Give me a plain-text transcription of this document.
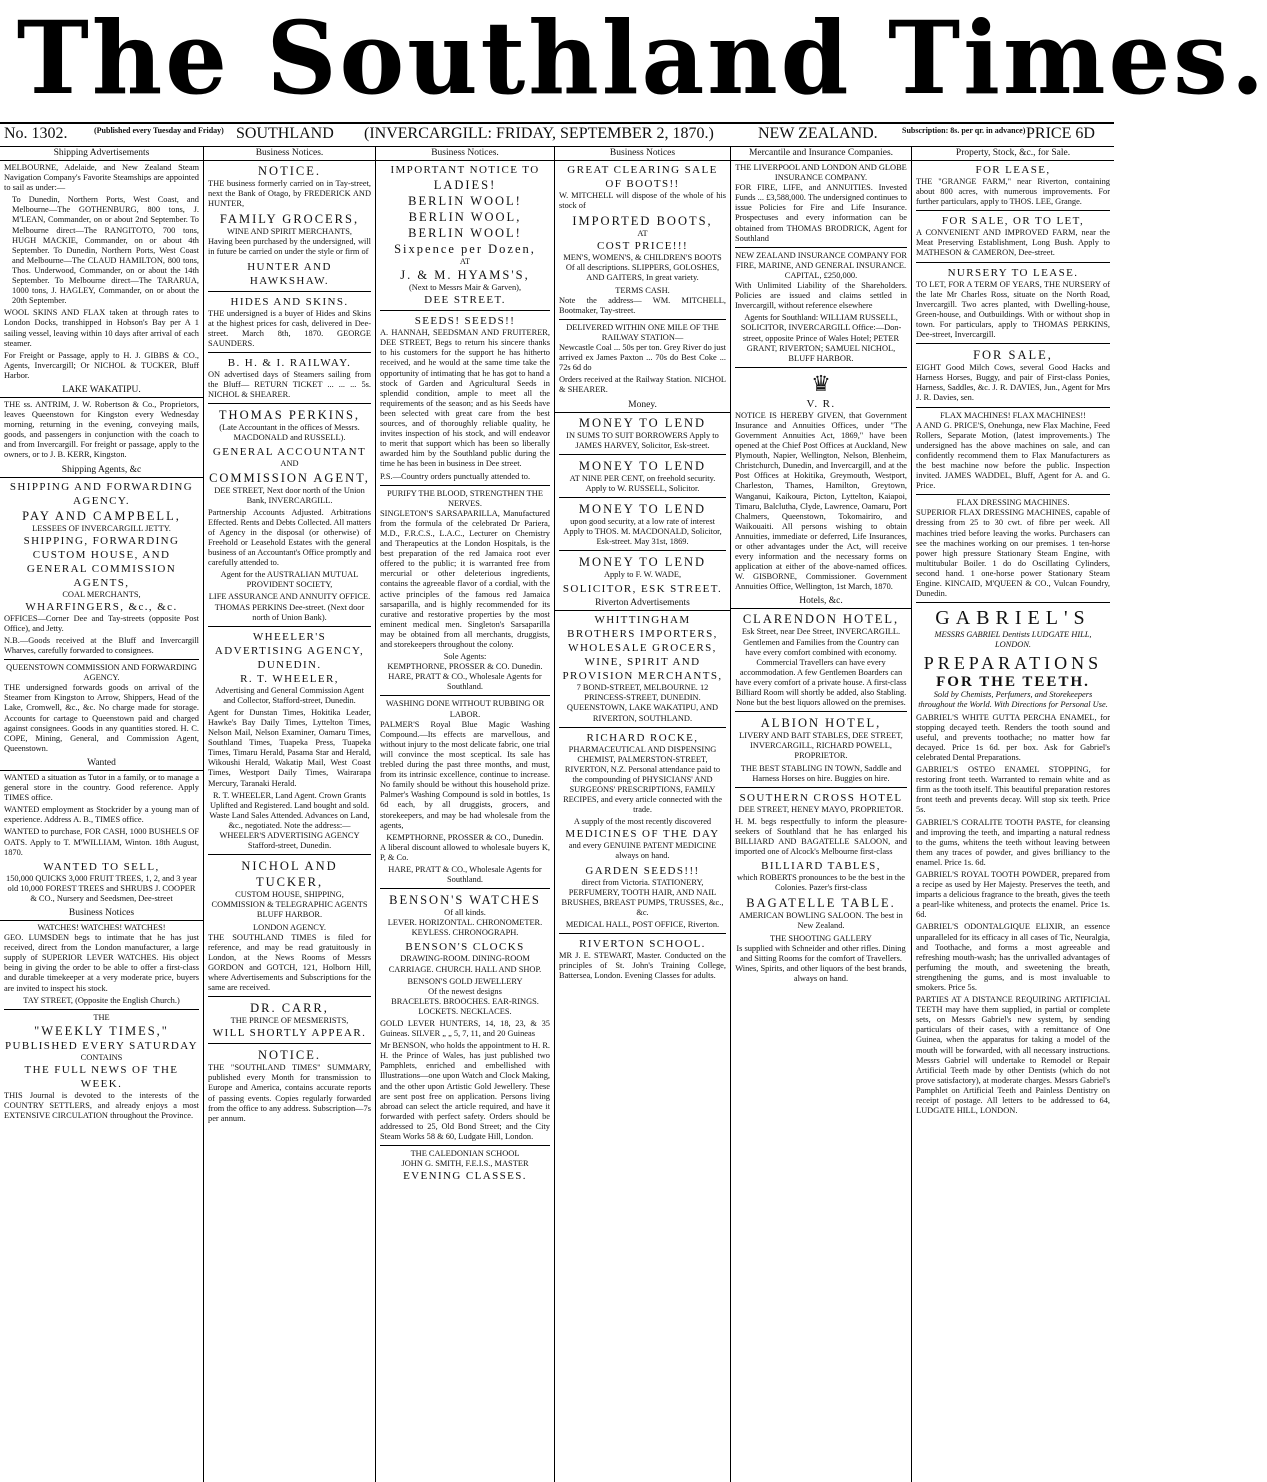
The Southland Times.
No. 1302.	(Published every Tuesday and Friday) SOUTHLAND (INVERCARGILL: FRIDAY, SEPTEMBER 2, 1870.)	NEW ZEALAND.	Subscription: 8s. per qr. in advance) PRICE 6D
Shipping Advertisements

MELBOURNE, Adelaide, and New Zealand Steam Navigation Company's Favorite Steamships are appointed to sail as under:—

To Dunedin, Northern Ports, West Coast, and Melbourne—The GOTHENBURG, 800 tons, J. M'LEAN, Commander, on or about 2nd September. To Melbourne direct—The RANGITOTO, 700 tons, HUGH MACKIE, Commander, on or about 4th September. To Dunedin, Northern Ports, West Coast and Melbourne—The CLAUD HAMILTON, 800 tons, Thos. Underwood, Commander, on or about the 14th September. To Melbourne direct—The TARARUA, 1000 tons, J. HAGLEY, Commander, on or about the 20th September.

WOOL SKINS AND FLAX taken at through rates to London Docks, transhipped in Hobson's Bay per A 1 sailing vessel, leaving within 10 days after arrival of each steamer.

For Freight or Passage, apply to H. J. GIBBS & CO., Agents, Invercargill; Or NICHOL & TUCKER, Bluff Harbor.

LAKE WAKATIPU.

THE ss. ANTRIM, J. W. Robertson & Co., Proprietors, leaves Queenstown for Kingston every Wednesday morning, returning in the evening, conveying mails, goods, and passengers in conjunction with the coach to and from Invercargill. For freight or passage, apply to the owners, or to J. B. KERR, Kingston.

Shipping Agents, &c
SHIPPING AND FORWARDING AGENCY.
PAY AND CAMPBELL,
LESSEES OF INVERCARGILL JETTY.
SHIPPING, FORWARDING
CUSTOM HOUSE, AND
GENERAL COMMISSION AGENTS,
COAL MERCHANTS,
WHARFINGERS, &c., &c.

OFFICES—Corner Dee and Tay-streets (opposite Post Office), and Jetty.

N.B.—Goods received at the Bluff and Invercargill Wharves, carefully forwarded to consignees.

QUEENSTOWN COMMISSION AND FORWARDING AGENCY.

THE undersigned forwards goods on arrival of the Steamer from Kingston to Arrow, Shippers, Head of the Lake, Cromwell, &c., &c. No charge made for storage. Accounts for cartage to Queenstown paid and charged against consignees. Goods in any quantities stored. H. C. COPE, Mining, General, and Commission Agent, Queenstown.

Wanted

WANTED a situation as Tutor in a family, or to manage a general store in the country. Good reference. Apply TIMES office.

WANTED employment as Stockrider by a young man of experience. Address A. B., TIMES office.

WANTED to purchase, FOR CASH, 1000 BUSHELS OF OATS. Apply to T. M'WILLIAM, Winton. 18th August, 1870.

WANTED TO SELL,

150,000 QUICKS 3,000 FRUIT TREES, 1, 2, and 3 year old 10,000 FOREST TREES and SHRUBS J. COOPER & CO., Nursery and Seedsmen, Dee-street

Business Notices
WATCHES! WATCHES! WATCHES!

GEO. LUMSDEN begs to intimate that he has just received, direct from the London manufacturer, a large supply of SUPERIOR LEVER WATCHES. His object being in giving the order to be able to offer a first-class and durable timekeeper at a very moderate price, buyers are invited to inspect his stock.

TAY STREET, (Opposite the English Church.)
THE
"WEEKLY TIMES,"
PUBLISHED EVERY SATURDAY
CONTAINS
THE FULL NEWS OF THE WEEK.

THIS Journal is devoted to the interests of the COUNTRY SETTLERS, and already enjoys a most EXTENSIVE CIRCULATION throughout the Province.

Business Notices.
NOTICE.

THE business formerly carried on in Tay-street, next the Bank of Otago, by FREDERICK AND HUNTER,

FAMILY GROCERS,
WINE AND SPIRIT MERCHANTS,

Having been purchased by the undersigned, will in future be carried on under the style or firm of

HUNTER AND HAWKSHAW.
HIDES AND SKINS.

THE undersigned is a buyer of Hides and Skins at the highest prices for cash, delivered in Dee-street. March 8th, 1870. GEORGE SAUNDERS.

B. H. & I. RAILWAY.

ON advertised days of Steamers sailing from the Bluff— RETURN TICKET ... ... ... 5s. NICHOL & SHEARER.

THOMAS PERKINS,

(Late Accountant in the offices of Messrs. MACDONALD and RUSSELL).

GENERAL ACCOUNTANT
AND
COMMISSION AGENT,

DEE STREET, Next door north of the Union Bank, INVERCARGILL.

Partnership Accounts Adjusted. Arbitrations Effected. Rents and Debts Collected. All matters of Agency in the disposal (or otherwise) of Freehold or Leasehold Estates with the general business of an Accountant's Office promptly and carefully attended to.

Agent for the AUSTRALIAN MUTUAL PROVIDENT SOCIETY,

LIFE ASSURANCE AND ANNUITY OFFICE.

THOMAS PERKINS Dee-street. (Next door north of Union Bank).

WHEELER'S ADVERTISING AGENCY, DUNEDIN.
R. T. WHEELER,

Advertising and General Commission Agent and Collector, Stafford-street, Dunedin.

Agent for Dunstan Times, Hokitika Leader, Hawke's Bay Daily Times, Lyttelton Times, Nelson Mail, Nelson Examiner, Oamaru Times, Southland Times, Tuapeka Press, Tuapeka Times, Timaru Herald, Pasama Star and Herald, Wikoushi Herald, Wakatip Mail, West Coast Times, Westport Daily Times, Wairarapa Mercury, Taranaki Herald.

R. T. WHEELER, Land Agent. Crown Grants Uplifted and Registered. Land bought and sold. Waste Land Sales Attended. Advances on Land, &c., negotiated. Note the address:— WHEELER'S ADVERTISING AGENCY Stafford-street, Dunedin.

NICHOL AND TUCKER,

CUSTOM HOUSE, SHIPPING, COMMISSION & TELEGRAPHIC AGENTS BLUFF HARBOR.

LONDON AGENCY.

THE SOUTHLAND TIMES is filed for reference, and may be read gratuitously in London, at the News Rooms of Messrs GORDON and GOTCH, 121, Holborn Hill, where Advertisements and Subscriptions for the same are received.

DR. CARR,
THE PRINCE OF MESMERISTS,
WILL SHORTLY APPEAR.
NOTICE.

THE "SOUTHLAND TIMES" SUMMARY, published every Month for transmission to Europe and America, contains accurate reports of passing events. Copies regularly forwarded from the office to any address. Subscription—7s per annum.

Business Notices.
IMPORTANT NOTICE TO
LADIES!
BERLIN WOOL! BERLIN WOOL, BERLIN WOOL!
Sixpence per Dozen,
AT
J. & M. HYAMS'S,
(Next to Messrs Mair & Garven),
DEE STREET.
SEEDS! SEEDS!!

A. HANNAH, SEEDSMAN AND FRUITERER, DEE STREET, Begs to return his sincere thanks to his customers for the support he has hitherto received, and he would at the same time take the opportunity of intimating that he has got to hand a stock of Garden and Agricultural Seeds in splendid condition, ample to meet all the requirements of the season; and as his Seeds have been selected with great care from the best sources, and of thoroughly reliable quality, he invites inspection of his stock, and will endeavor to merit that support which has been so liberally awarded him by the Southland public during the time he has been in business in Dee street.

P.S.—Country orders punctually attended to.

PURIFY THE BLOOD, STRENGTHEN THE NERVES.

SINGLETON'S SARSAPARILLA, Manufactured from the formula of the celebrated Dr Pariera, M.D., F.R.C.S., L.A.C., Lecturer on Chemistry and Therapeutics at the London Hospitals, is the best preparation of the red Jamaica root ever offered to the public; it is warranted free from mercurial or other deleterious ingredients, contains the agreeable flavor of a cordial, with the active principles of the famous red Jamaica sarsaparilla, and is highly recommended for its curative and restorative properties by the most eminent medical men. Singleton's Sarsaparilla may be obtained from all merchants, druggists, and storekeepers throughout the colony.

Sole Agents:
KEMPTHORNE, PROSSER & CO. Dunedin.
HARE, PRATT & CO., Wholesale Agents for Southland.
WASHING DONE WITHOUT RUBBING OR LABOR.

PALMER'S Royal Blue Magic Washing Compound.—Its effects are marvellous, and without injury to the most delicate fabric, one trial will convince the most sceptical. Its sale has trebled during the past three months, and must, from its intrinsic excellence, continue to increase. No family should be without this household prize. Palmer's Washing Compound is sold in bottles, 1s 6d each, by all druggists, grocers, and storekeepers, and may be had wholesale from the agents,

KEMPTHORNE, PROSSER & CO., Dunedin.

A liberal discount allowed to wholesale buyers K, P, & Co.

HARE, PRATT & CO., Wholesale Agents for Southland.
BENSON'S WATCHES
Of all kinds.

LEVER. HORIZONTAL. CHRONOMETER. KEYLESS. CHRONOGRAPH.

BENSON'S CLOCKS

DRAWING-ROOM. DINING-ROOM CARRIAGE. CHURCH. HALL AND SHOP.

BENSON'S GOLD JEWELLERY
Of the newest designs

BRACELETS. BROOCHES. EAR-RINGS. LOCKETS. NECKLACES.

GOLD LEVER HUNTERS, 14, 18, 23, & 35 Guineas. SILVER „ „ 5, 7, 11, and 20 Guineas

Mr BENSON, who holds the appointment to H. R. H. the Prince of Wales, has just published two Pamphlets, enriched and embellished with Illustrations—one upon Watch and Clock Making, and the other upon Artistic Gold Jewellery. These are sent post free on application. Persons living abroad can select the article required, and have it forwarded with perfect safety. Orders should be addressed to 25, Old Bond Street; and the City Steam Works 58 & 60, Ludgate Hill, London.

THE CALEDONIAN SCHOOL
JOHN G. SMITH, F.E.I.S., MASTER
EVENING CLASSES.
Business Notices
GREAT CLEARING SALE OF BOOTS!!

W. MITCHELL will dispose of the whole of his stock of

IMPORTED BOOTS,
AT
COST PRICE!!!

MEN'S, WOMEN'S, & CHILDREN'S BOOTS Of all descriptions. SLIPPERS, GOLOSHES, AND GAITERS, In great variety.

TERMS CASH.

Note the address— WM. MITCHELL, Bootmaker, Tay-street.

DELIVERED WITHIN ONE MILE OF THE RAILWAY STATION—

Newcastle Coal ... 50s per ton. Grey River do just arrived ex James Paxton ... 70s do Best Coke ... 72s 6d do

Orders received at the Railway Station. NICHOL & SHEARER.

Money.
MONEY TO LEND

IN SUMS TO SUIT BORROWERS Apply to JAMES HARVEY, Solicitor, Esk-street.

MONEY TO LEND

AT NINE PER CENT, on freehold security. Apply to W. RUSSELL, Solicitor.

MONEY TO LEND

upon good security, at a low rate of interest Apply to THOS. M. MACDONALD, Solicitor, Esk-street. May 31st, 1869.

MONEY TO LEND

Apply to F. W. WADE,

SOLICITOR, ESK STREET.
Riverton Advertisements
WHITTINGHAM BROTHERS IMPORTERS, WHOLESALE GROCERS, WINE, SPIRIT AND PROVISION MERCHANTS,

7 BOND-STREET, MELBOURNE. 12 PRINCESS-STREET, DUNEDIN. QUEENSTOWN, LAKE WAKATIPU, AND RIVERTON, SOUTHLAND.

RICHARD ROCKE,

PHARMACEUTICAL AND DISPENSING CHEMIST, PALMERSTON-STREET, RIVERTON, N.Z. Personal attendance paid to the compounding of PHYSICIANS' AND SURGEONS' PRESCRIPTIONS, FAMILY RECIPES, and every article connected with the trade.

A supply of the most recently discovered
MEDICINES OF THE DAY

and every GENUINE PATENT MEDICINE always on hand.

GARDEN SEEDS!!!

direct from Victoria. STATIONERY, PERFUMERY, TOOTH HAIR, AND NAIL BRUSHES, BREAST PUMPS, TRUSSES, &c., &c.

MEDICAL HALL, POST OFFICE, Riverton.

RIVERTON SCHOOL.

MR J. E. STEWART, Master. Conducted on the principles of St. John's Training College, Battersea, London. Evening Classes for adults.

Mercantile and Insurance Companies.
THE LIVERPOOL AND LONDON AND GLOBE INSURANCE COMPANY.

FOR FIRE, LIFE, and ANNUITIES. Invested Funds ... £3,588,000. The undersigned continues to issue Policies for Fire and Life Insurance. Prospectuses and every information can be obtained from THOMAS BRODRICK, Agent for Southland

NEW ZEALAND INSURANCE COMPANY FOR FIRE, MARINE, AND GENERAL INSURANCE.
CAPITAL, £250,000.

With Unlimited Liability of the Shareholders. Policies are issued and claims settled in Invercargill, without reference elsewhere

Agents for Southland: WILLIAM RUSSELL, SOLICITOR, INVERCARGILL Office:—Don-street, opposite Prince of Wales Hotel; PETER GRANT, RIVERTON; SAMUEL NICHOL, BLUFF HARBOR.

♛
V. R.

NOTICE IS HEREBY GIVEN, that Government Insurance and Annuities Offices, under "The Government Annuities Act, 1869," have been opened at the Chief Post Offices at Auckland, New Plymouth, Napier, Wellington, Nelson, Blenheim, Christchurch, Dunedin, and Invercargill, and at the Post Offices at Hokitika, Greymouth, Westport, Charleston, Thames, Hamilton, Greytown, Wanganui, Kaikoura, Picton, Lyttelton, Kaiapoi, Timaru, Balclutha, Clyde, Lawrence, Oamaru, Port Chalmers, Queenstown, Tokomairiro, and Waikouaiti. All persons wishing to obtain Annuities, immediate or deferred, Life Insurances, or other advantages under the Act, will receive every information and the necessary forms on application at either of the above-named offices. W. GISBORNE, Commissioner. Government Annuities Office, Wellington, 1st March, 1870.

Hotels, &c.
CLARENDON HOTEL,

Esk Street, near Dee Street, INVERCARGILL. Gentlemen and Families from the Country can have every comfort combined with economy. Commercial Travellers can have every accommodation. A few Gentlemen Boarders can have every comfort of a private house. A first-class Billiard Room will shortly be added, also Stabling. None but the best liquors allowed on the premises.

ALBION HOTEL,

LIVERY AND BAIT STABLES, DEE STREET, INVERCARGILL, RICHARD POWELL, PROPRIETOR.

THE BEST STABLING IN TOWN, Saddle and Harness Horses on hire. Buggies on hire.

SOUTHERN CROSS HOTEL

DEE STREET, HENEY MAYO, PROPRIETOR.

H. M. begs respectfully to inform the pleasure-seekers of Southland that he has enlarged his BILLIARD AND BAGATELLE SALOON, and imported one of Alcock's Melbourne first-class

BILLIARD TABLES,

which ROBERTS pronounces to be the best in the Colonies. Pazer's first-class

BAGATELLE TABLE.

AMERICAN BOWLING SALOON. The best in New Zealand.

THE SHOOTING GALLERY

Is supplied with Schneider and other rifles. Dining and Sitting Rooms for the comfort of Travellers. Wines, Spirits, and other liquors of the best brands, always on hand.

Property, Stock, &c., for Sale.
FOR LEASE,

THE "GRANGE FARM," near Riverton, containing about 800 acres, with numerous improvements. For further particulars, apply to THOS. LEE, Grange.

FOR SALE, OR TO LET,

A CONVENIENT AND IMPROVED FARM, near the Meat Preserving Establishment, Long Bush. Apply to MATHESON & CAMERON, Dee-street.

NURSERY TO LEASE.

TO LET, FOR A TERM OF YEARS, THE NURSERY of the late Mr Charles Ross, situate on the North Road, Invercargill. Two acres planted, with Dwelling-house, Green-house, and Outbuildings. With or without shop in town. For particulars, apply to THOMAS PERKINS, Dee-street, Invercargill.

FOR SALE,

EIGHT Good Milch Cows, several Good Hacks and Harness Horses, Buggy, and pair of First-class Ponies, Harness, Saddles, &c. J. R. DAVIES, Jun., Agent for Mrs J. R. Davies, sen.

FLAX MACHINES! FLAX MACHINES!!

A AND G. PRICE'S, Onehunga, new Flax Machine, Feed Rollers, Separate Motion, (latest improvements.) The undersigned has the above machines on sale, and can confidently recommend them to Flax Manufacturers as the best machine now before the public. Inspection invited. JAMES WADDEL, Bluff, Agent for A. and G. Price.

FLAX DRESSING MACHINES.

SUPERIOR FLAX DRESSING MACHINES, capable of dressing from 25 to 30 cwt. of fibre per week. All machines tried before leaving the works. Purchasers can see the machines working on our premises. 1 ten-horse power high pressure Stationary Steam Engine, with multitubular Boiler. 1 do do Oscillating Cylinders, second hand. 1 one-horse power Stationary Steam Engine. KINCAID, M'QUEEN & CO., Vulcan Foundry, Dunedin.

GABRIEL'S

MESSRS GABRIEL Dentists LUDGATE HILL, LONDON.

PREPARATIONS
FOR THE TEETH.

Sold by Chemists, Perfumers, and Storekeepers throughout the World. With Directions for Personal Use.

GABRIEL'S WHITE GUTTA PERCHA ENAMEL, for stopping decayed teeth. Renders the tooth sound and useful, and prevents toothache; no matter how far decayed. Price 1s 6d. per box. Ask for Gabriel's celebrated Dental Preparations.

GABRIEL'S OSTEO ENAMEL STOPPING, for restoring front teeth. Warranted to remain white and as firm as the tooth itself. This beautiful preparation restores front teeth and prevents decay. Will stop six teeth. Price 5s.

GABRIEL'S CORALITE TOOTH PASTE, for cleansing and improving the teeth, and imparting a natural redness to the gums, whitens the teeth without leaving between them any traces of powder, and gives brilliancy to the enamel. Price 1s. 6d.

GABRIEL'S ROYAL TOOTH POWDER, prepared from a recipe as used by Her Majesty. Preserves the teeth, and imparts a delicious fragrance to the breath, gives the teeth a pearl-like whiteness, and protects the enamel. Price 1s. 6d.

GABRIEL'S ODONTALGIQUE ELIXIR, an essence unparalleled for its efficacy in all cases of Tic, Neuralgia, and Toothache, and forms a most agreeable and refreshing mouth-wash; has the unrivalled advantages of perfuming the mouth, and sweetening the breath, strengthening the gums, and is most invaluable to smokers. Price 5s.

PARTIES AT A DISTANCE REQUIRING ARTIFICIAL TEETH may have them supplied, in partial or complete sets, on Messrs Gabriel's new system, by sending particulars of their cases, with a remittance of One Guinea, when the apparatus for taking a model of the mouth will be forwarded, with all necessary instructions. Messrs Gabriel will undertake to Remodel or Repair Artificial Teeth made by other Dentists (which do not prove satisfactory), at moderate charges. Messrs Gabriel's Pamphlet on Artificial Teeth and Painless Dentistry on receipt of postage. All letters to be addressed to 64, LUDGATE HILL, LONDON.
